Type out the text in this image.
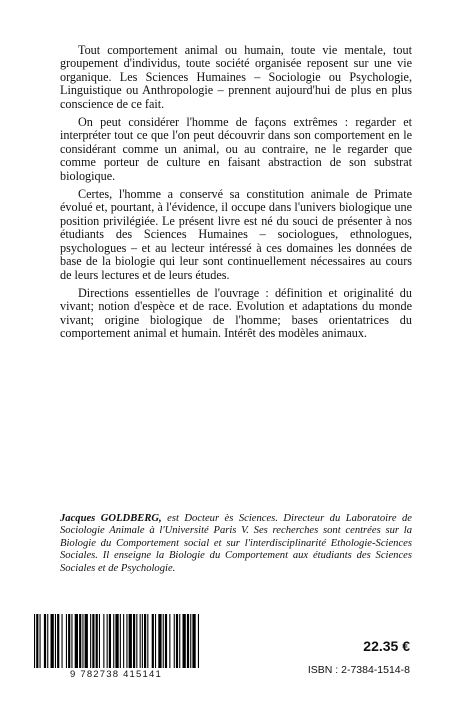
Tout comportement animal ou humain, toute vie mentale, tout groupement d'individus, toute société organisée reposent sur une vie organique. Les Sciences Humaines – Sociologie ou Psychologie, Linguistique ou Anthropologie – prennent aujourd'hui de plus en plus conscience de ce fait.

On peut considérer l'homme de façons extrêmes : regarder et interpréter tout ce que l'on peut découvrir dans son comportement en le considérant comme un animal, ou au contraire, ne le regarder que comme porteur de culture en faisant abstraction de son substrat biologique.

Certes, l'homme a conservé sa constitution animale de Primate évolué et, pourtant, à l'évidence, il occupe dans l'univers biologique une position privilégiée. Le présent livre est né du souci de présenter à nos étudiants des Sciences Humaines – sociologues, ethnologues, psychologues – et au lecteur intéressé à ces domaines les données de base de la biologie qui leur sont continuellement nécessaires au cours de leurs lectures et de leurs études.

Directions essentielles de l'ouvrage : définition et originalité du vivant; notion d'espèce et de race. Evolution et adaptations du monde vivant; origine biologique de l'homme; bases orientatrices du comportement animal et humain. Intérêt des modèles animaux.

Jacques GOLDBERG, est Docteur ès Sciences. Directeur du Laboratoire de Sociologie Animale à l'Université Paris V. Ses recherches sont centrées sur la Biologie du Comportement social et sur l'interdisciplinarité Ethologie-Sciences Sociales. Il enseigne la Biologie du Comportement aux étudiants des Sciences Sociales et de Psychologie.
9 782738 415141
22.35 €
ISBN : 2-7384-1514-8
